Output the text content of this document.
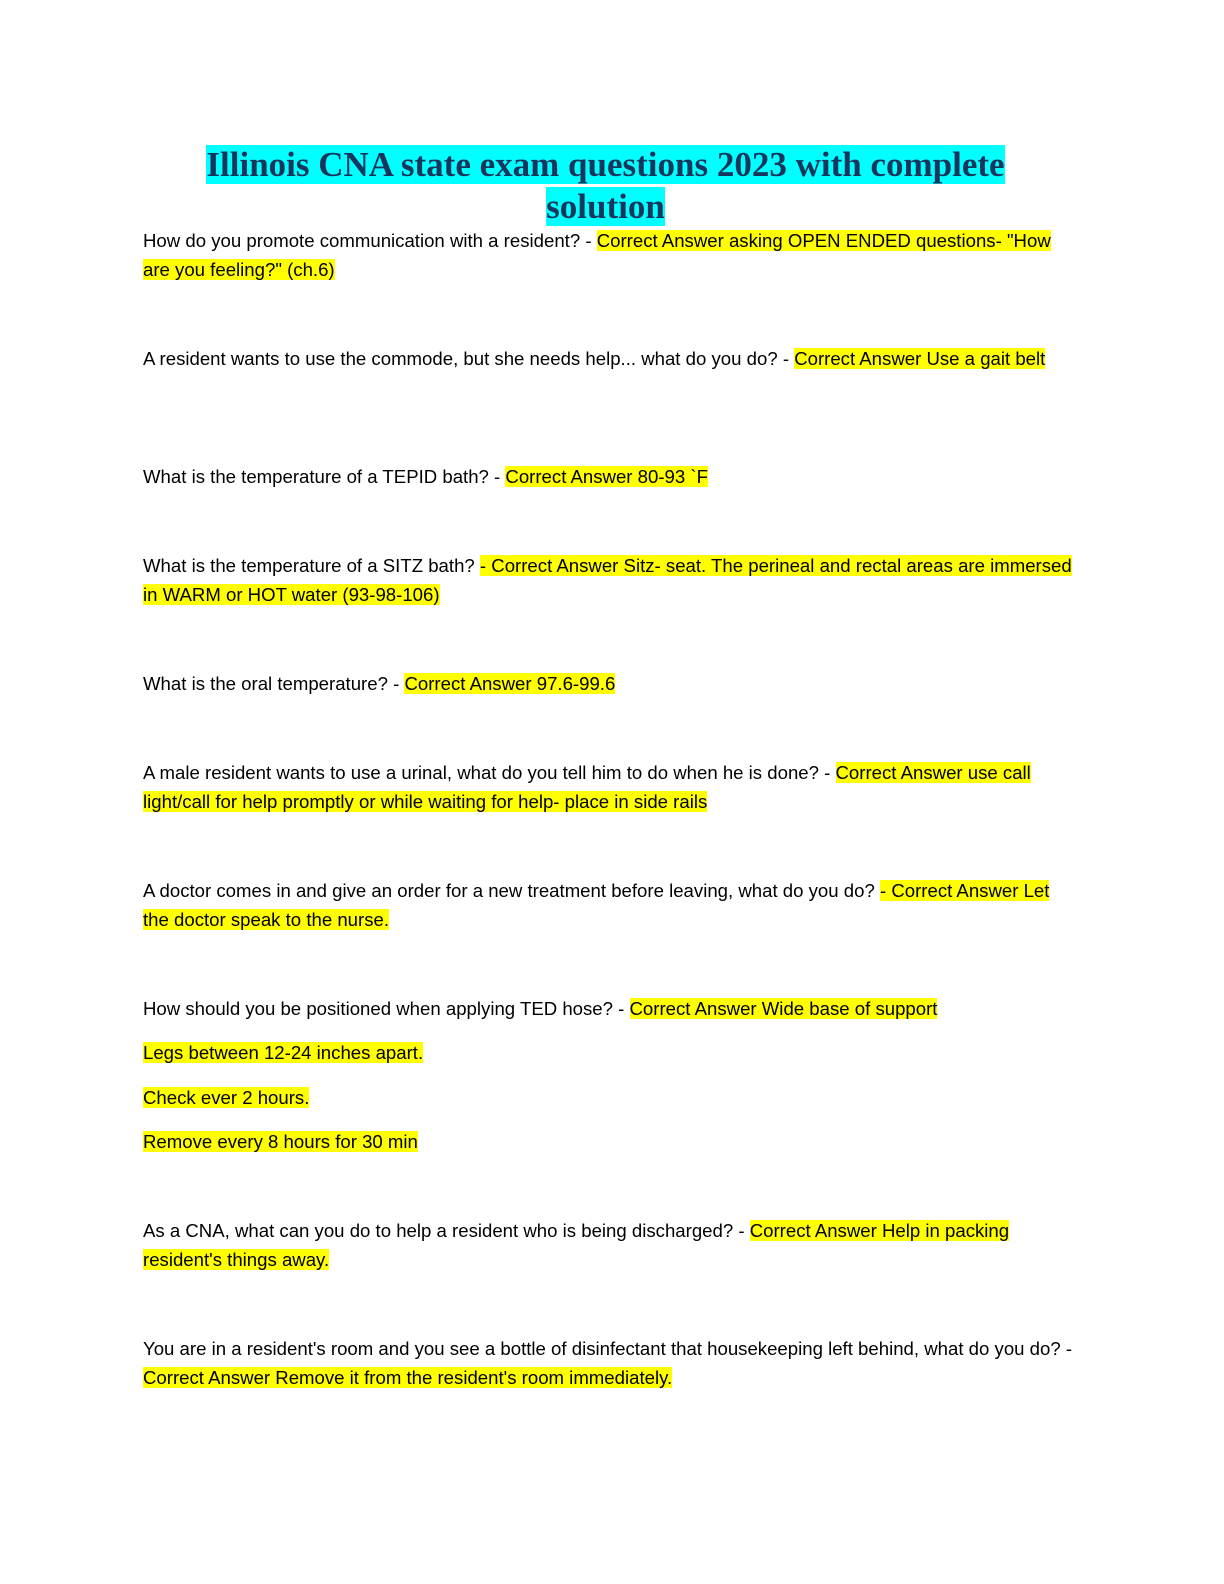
Illinois CNA state exam questions 2023 with complete
solution
How do you promote communication with a resident? - Correct Answer asking OPEN ENDED questions- "How are you feeling?" (ch.6)
A resident wants to use the commode, but she needs help... what do you do? - Correct Answer Use a gait belt
What is the temperature of a TEPID bath? - Correct Answer 80-93 `F
What is the temperature of a SITZ bath? - Correct Answer Sitz- seat. The perineal and rectal areas are immersed in WARM or HOT water (93-98-106)
What is the oral temperature? - Correct Answer 97.6-99.6
A male resident wants to use a urinal, what do you tell him to do when he is done? - Correct Answer use call light/call for help promptly or while waiting for help- place in side rails
A doctor comes in and give an order for a new treatment before leaving, what do you do? - Correct Answer Let the doctor speak to the nurse.
How should you be positioned when applying TED hose? - Correct Answer Wide base of support
Legs between 12-24 inches apart.
Check ever 2 hours.
Remove every 8 hours for 30 min
As a CNA, what can you do to help a resident who is being discharged? - Correct Answer Help in packing resident's things away.
You are in a resident's room and you see a bottle of disinfectant that housekeeping left behind, what do you do? - Correct Answer Remove it from the resident's room immediately.
